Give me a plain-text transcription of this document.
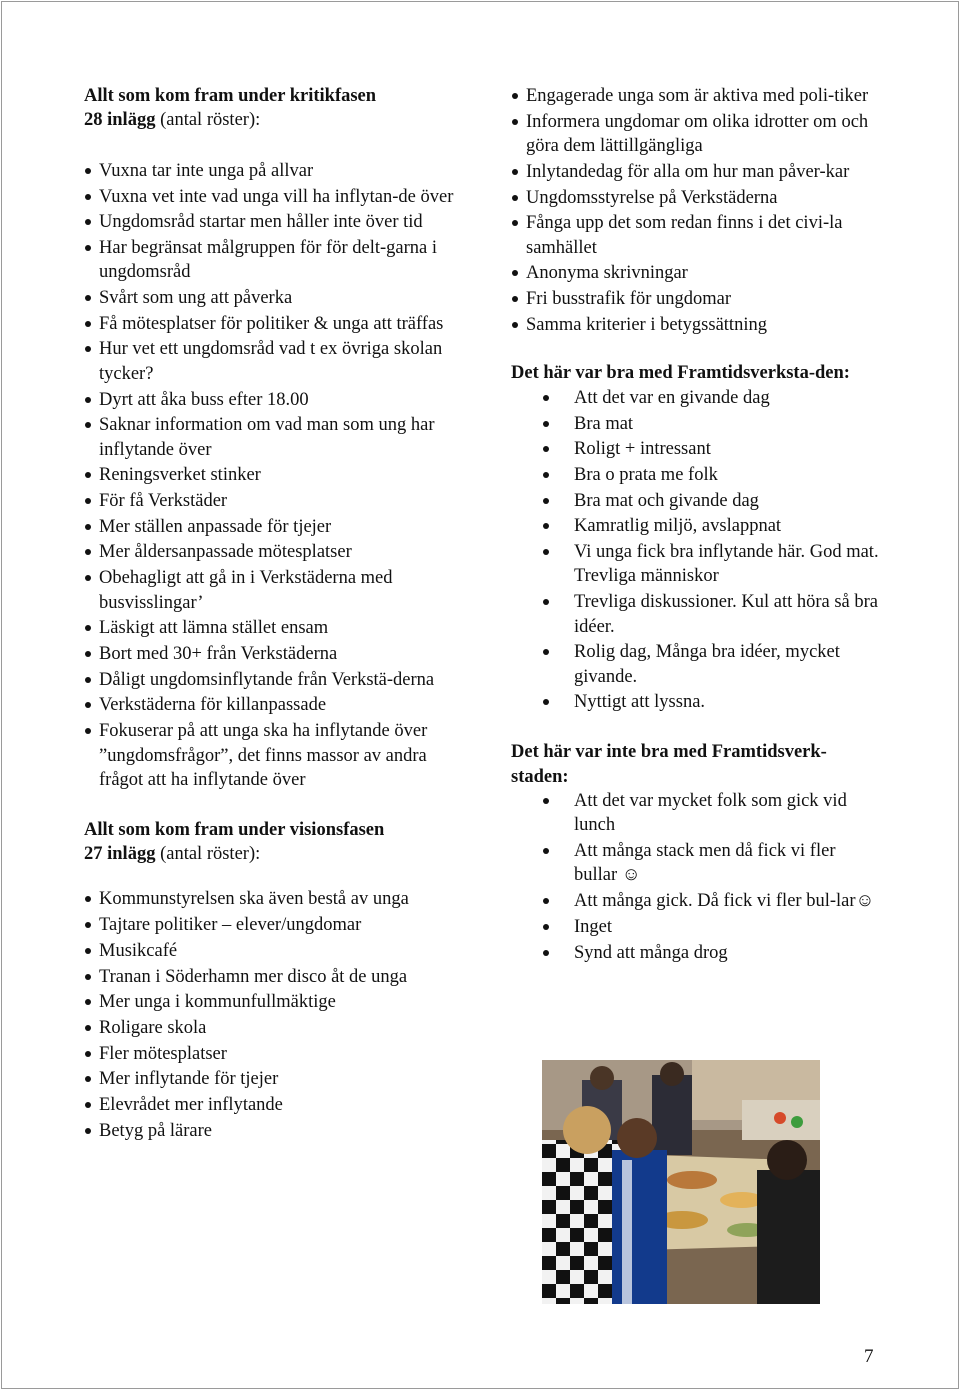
Allt som kom fram under kritikfasen

28 inlägg (antal röster):

Vuxna tar inte unga på allvar
Vuxna vet inte vad unga vill ha inflytan-de över
Ungdomsråd startar men håller inte över tid
Har begränsat målgruppen för för delt-garna i ungdomsråd
Svårt som ung att påverka
Få mötesplatser för politiker & unga att träffas
Hur vet ett ungdomsråd vad t ex övriga skolan tycker?
Dyrt att åka buss efter 18.00
Saknar information om vad man som ung har inflytande över
Reningsverket stinker
För få Verkstäder
Mer ställen anpassade för tjejer
Mer åldersanpassade mötesplatser
Obehagligt att gå in i Verkstäderna med busvisslingar’
Läskigt att lämna stället ensam
Bort med 30+ från Verkstäderna
Dåligt ungdomsinflytande från Verkstä-derna
Verkstäderna för killanpassade
Fokuserar på att unga ska ha inflytande över ”ungdomsfrågor”, det finns massor av andra frågot att ha inflytande över

Allt som kom fram under visionsfasen

27 inlägg (antal röster):

Kommunstyrelsen ska även bestå av unga
Tajtare politiker – elever/ungdomar
Musikcafé
Tranan i Söderhamn mer disco åt de unga
Mer unga i kommunfullmäktige
Roligare skola
Fler mötesplatser
Mer inflytande för tjejer
Elevrådet mer inflytande
Betyg på lärare
Engagerade unga som är aktiva med poli-tiker
Informera ungdomar om olika idrotter om och göra dem lättillgängliga
Inlytandedag för alla om hur man påver-kar
Ungdomsstyrelse på Verkstäderna
Fånga upp det som redan finns i det civi-la samhället
Anonyma skrivningar
Fri busstrafik för ungdomar
Samma kriterier i betygssättning

Det här var bra med Framtidsverksta-den:

Att det var en givande dag
Bra mat
Roligt + intressant
Bra o prata me folk
Bra mat och givande dag
Kamratlig miljö, avslappnat
Vi unga fick bra inflytande här. God mat. Trevliga människor
Trevliga diskussioner. Kul att höra så bra idéer.
Rolig dag, Många bra idéer, mycket givande.
Nyttigt att lyssna.

Det här var inte bra med Framtidsverk-staden:

Att det var mycket folk som gick vid lunch
Att många stack men då fick vi fler bullar ☺
Att många gick. Då fick vi fler bul-lar☺
Inget
Synd att många drog
7
